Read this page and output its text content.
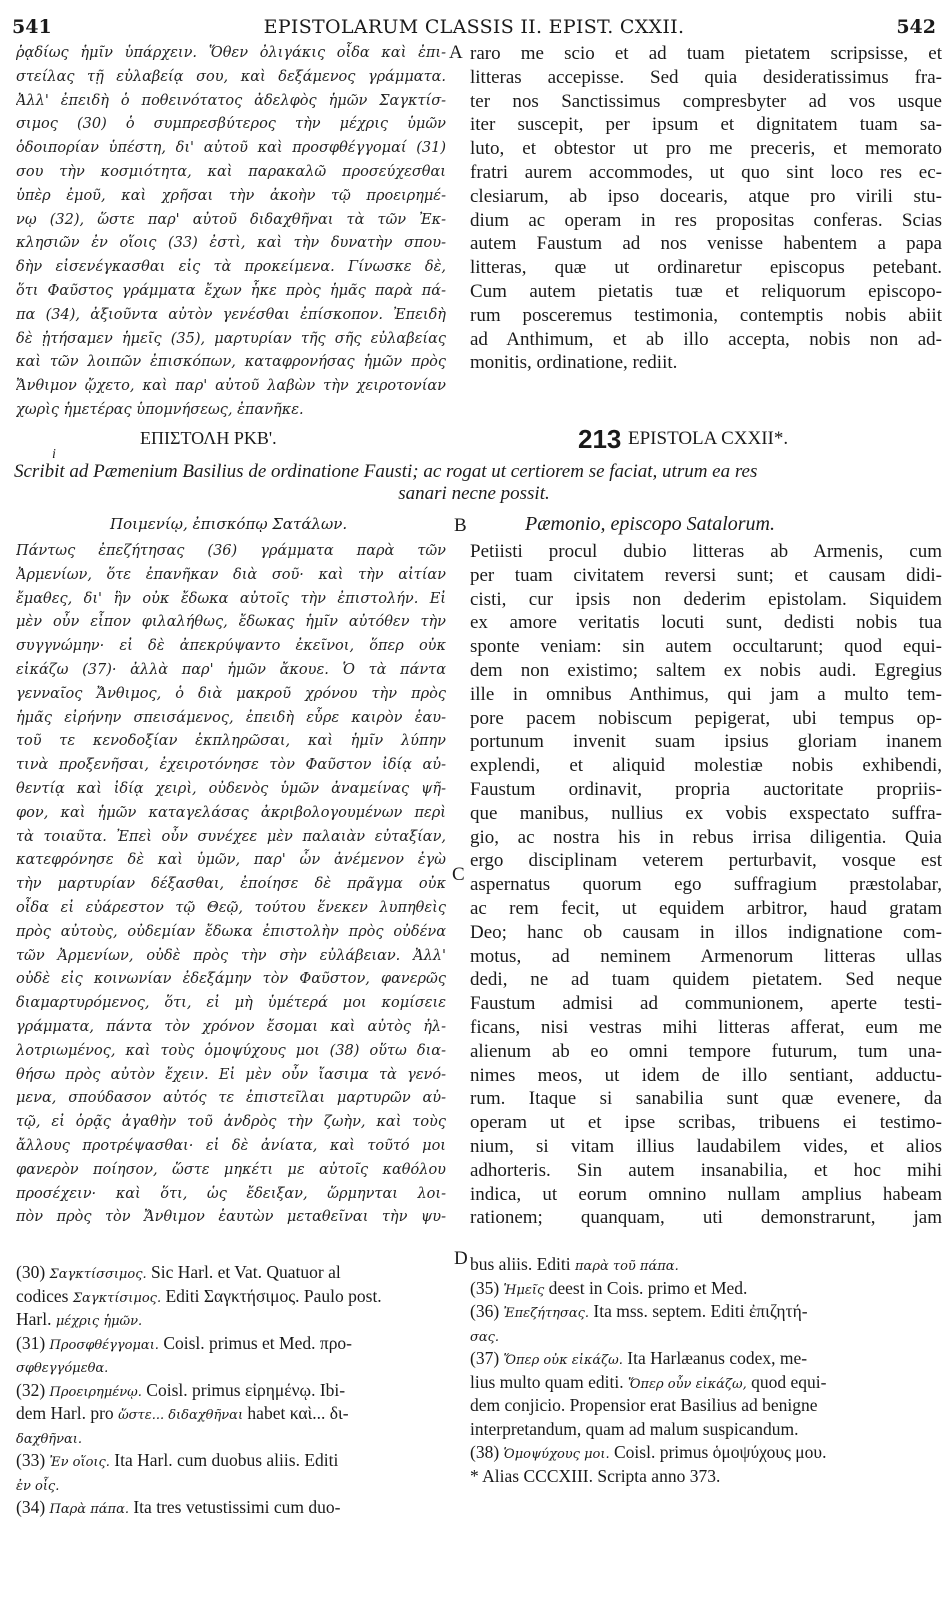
EPISTOLARUM CLASSIS II. EPIST. CXXII.
541	542
A
B
C
D
ῥᾳδίως ἡμῖν ὑπάρχειν. Ὅθεν ὀλιγάκις οἶδα καὶ ἐπι-
στείλας τῇ εὐλαβείᾳ σου, καὶ δεξάμενος γράμματα.
Ἀλλ' ἐπειδὴ ὁ ποθεινότατος ἀδελφὸς ἡμῶν Σαγκτίσ-
σιμος (30) ὁ συμπρεσβύτερος τὴν μέχρις ὑμῶν
ὁδοιπορίαν ὑπέστη, δι' αὐτοῦ καὶ προσφθέγγομαί (31)
σου τὴν κοσμιότητα, καὶ παρακαλῶ προσεύχεσθαι
ὑπὲρ ἐμοῦ, καὶ χρῆσαι τὴν ἀκοὴν τῷ προειρημέ-
νῳ (32), ὥστε παρ' αὐτοῦ διδαχθῆναι τὰ τῶν Ἐκ-
κλησιῶν ἐν οἵοις (33) ἐστὶ, καὶ τὴν δυνατὴν σπου-
δὴν εἰσενέγκασθαι εἰς τὰ προκείμενα. Γίνωσκε δὲ,
ὅτι Φαῦστος γράμματα ἔχων ἧκε πρὸς ἡμᾶς παρὰ πά-
πα (34), ἀξιοῦντα αὐτὸν γενέσθαι ἐπίσκοπον. Ἐπειδὴ
δὲ ᾐτήσαμεν ἡμεῖς (35), μαρτυρίαν τῆς σῆς εὐλαβείας
καὶ τῶν λοιπῶν ἐπισκόπων, καταφρονήσας ἡμῶν πρὸς
Ἄνθιμον ᾤχετο, καὶ παρ' αὐτοῦ λαβὼν τὴν χειροτονίαν
χωρὶς ἡμετέρας ὑπομνήσεως, ἐπανῆκε.
raro me scio et ad tuam pietatem scripsisse, et
litteras accepisse. Sed quia desideratissimus fra-
ter nos Sanctissimus compresbyter ad vos usque
iter suscepit, per ipsum et dignitatem tuam sa-
luto, et obtestor ut pro me preceris, et memorato
fratri aurem accommodes, ut quo sint loco res ec-
clesiarum, ab ipso docearis, atque pro virili stu-
dium ac operam in res propositas conferas. Scias
autem Faustum ad nos venisse habentem a papa
litteras, quæ ut ordinaretur episcopus petebant.
Cum autem pietatis tuæ et reliquorum episcopo-
rum posceremus testimonia, contemptis nobis abiit
ad Anthimum, et ab illo accepta, nobis non ad-
monitis, ordinatione, rediit.
ΕΠΙΣΤΟΛΗ ΡΚΒ'.	213 EPISTOLA CXXII*.
i
Scribit ad Pæmenium Basilius de ordinatione Fausti; ac rogat ut certiorem se faciat, utrum ea res
sanari necne possit.
Ποιμενίῳ, ἐπισκόπῳ Σατάλων.	Pæmonio, episcopo Satalorum.
Πάντως ἐπεζήτησας (36) γράμματα παρὰ τῶν
Ἀρμενίων, ὅτε ἐπανῆκαν διὰ σοῦ· καὶ τὴν αἰτίαν
ἔμαθες, δι' ἣν οὐκ ἔδωκα αὐτοῖς τὴν ἐπιστολήν. Εἰ
μὲν οὖν εἶπον φιλαλήθως, ἔδωκας ἡμῖν αὐτόθεν τὴν
συγγνώμην· εἰ δὲ ἀπεκρύψαντο ἐκεῖνοι, ὅπερ οὐκ
εἰκάζω (37)· ἀλλὰ παρ' ἡμῶν ἄκουε. Ὁ τὰ πάντα
γενναῖος Ἄνθιμος, ὁ διὰ μακροῦ χρόνου τὴν πρὸς
ἡμᾶς εἰρήνην σπεισάμενος, ἐπειδὴ εὗρε καιρὸν ἑαυ-
τοῦ τε κενοδοξίαν ἐκπληρῶσαι, καὶ ἡμῖν λύπην
τινὰ προξενῆσαι, ἐχειροτόνησε τὸν Φαῦστον ἰδίᾳ αὐ-
θεντίᾳ καὶ ἰδίᾳ χειρὶ, οὐδενὸς ὑμῶν ἀναμείνας ψῆ-
φον, καὶ ἡμῶν καταγελάσας ἀκριβολογουμένων περὶ
τὰ τοιαῦτα. Ἐπεὶ οὖν συνέχεε μὲν παλαιὰν εὐταξίαν,
κατεφρόνησε δὲ καὶ ὑμῶν, παρ' ὧν ἀνέμενον ἐγὼ
τὴν μαρτυρίαν δέξασθαι, ἐποίησε δὲ πρᾶγμα οὐκ
οἶδα εἰ εὐάρεστον τῷ Θεῷ, τούτου ἕνεκεν λυπηθεὶς
πρὸς αὐτοὺς, οὐδεμίαν ἔδωκα ἐπιστολὴν πρὸς οὐδένα
τῶν Ἀρμενίων, οὐδὲ πρὸς τὴν σὴν εὐλάβειαν. Ἀλλ'
οὐδὲ εἰς κοινωνίαν ἐδεξάμην τὸν Φαῦστον, φανερῶς
διαμαρτυρόμενος, ὅτι, εἰ μὴ ὑμέτερά μοι κομίσειε
γράμματα, πάντα τὸν χρόνον ἔσομαι καὶ αὐτὸς ἠλ-
λοτριωμένος, καὶ τοὺς ὁμοψύχους μοι (38) οὕτω δια-
θήσω πρὸς αὐτὸν ἔχειν. Εἰ μὲν οὖν ἴασιμα τὰ γενό-
μενα, σπούδασον αὐτός τε ἐπιστεῖλαι μαρτυρῶν αὐ-
τῷ, εἰ ὁρᾷς ἀγαθὴν τοῦ ἀνδρὸς τὴν ζωὴν, καὶ τοὺς
ἄλλους προτρέψασθαι· εἰ δὲ ἀνίατα, καὶ τοῦτό μοι
φανερὸν ποίησον, ὥστε μηκέτι με αὐτοῖς καθόλου
προσέχειν· καὶ ὅτι, ὡς ἔδειξαν, ὥρμηνται λοι-
πὸν πρὸς τὸν Ἄνθιμον ἑαυτὼν μεταθεῖναι τὴν ψυ-
Petiisti procul dubio litteras ab Armenis, cum
per tuam civitatem reversi sunt; et causam didi-
cisti, cur ipsis non dederim epistolam. Siquidem
ex amore veritatis locuti sunt, dedisti nobis tua
sponte veniam: sin autem occultarunt; quod equi-
dem non existimo; saltem ex nobis audi. Egregius
ille in omnibus Anthimus, qui jam a multo tem-
pore pacem nobiscum pepigerat, ubi tempus op-
portunum invenit suam ipsius gloriam inanem
explendi, et aliquid molestiæ nobis exhibendi,
Faustum ordinavit, propria auctoritate propriis-
que manibus, nullius ex vobis exspectato suffra-
gio, ac nostra his in rebus irrisa diligentia. Quia
ergo disciplinam veterem perturbavit, vosque est
aspernatus quorum ego suffragium præstolabar,
ac rem fecit, ut equidem arbitror, haud gratam
Deo; hanc ob causam in illos indignatione com-
motus, ad neminem Armenorum litteras ullas
dedi, ne ad tuam quidem pietatem. Sed neque
Faustum admisi ad communionem, aperte testi-
ficans, nisi vestras mihi litteras afferat, eum me
alienum ab eo omni tempore futurum, tum una-
nimes meos, ut idem de illo sentiant, adductu-
rum. Itaque si sanabilia sunt quæ evenere, da
operam ut et ipse scribas, tribuens ei testimo-
nium, si vitam illius laudabilem vides, et alios
adhorteris. Sin autem insanabilia, et hoc mihi
indica, ut eorum omnino nullam amplius habeam
rationem; quanquam, uti demonstrarunt, jam
(30) Σαγκτίσσιμος. Sic Harl. et Vat. Quatuor al
codices Σαγκτίσιμος. Editi Σαγκτήσιμος. Paulo post.
Harl. μέχρις ἡμῶν.
(31) Προσφθέγγομαι. Coisl. primus et Med. προ-
σφθεγγόμεθα.
(32) Προειρημένῳ. Coisl. primus εἰρημένῳ. Ibi-
dem Harl. pro ὥστε... διδαχθῆναι habet καὶ... δι-
δαχθῆναι.
(33) Ἐν οἵοις. Ita Harl. cum duobus aliis. Editi
ἐν οἷς.
(34) Παρὰ πάπα. Ita tres vetustissimi cum duo-
bus aliis. Editi παρὰ τοῦ πάπα.
(35) Ἡμεῖς deest in Cois. primo et Med.
(36) Ἐπεζήτησας. Ita mss. septem. Editi ἐπιζητή-
σας.
(37) Ὅπερ οὐκ εἰκάζω. Ita Harlæanus codex, me-
lius multo quam editi. Ὅπερ οὖν εἰκάζω, quod equi-
dem conjicio. Propensior erat Basilius ad benigne
interpretandum, quam ad malum suspicandum.
(38) Ὁμοψύχους μοι. Coisl. primus ὁμοψύχους μου.
* Alias CCCXIII. Scripta anno 373.
